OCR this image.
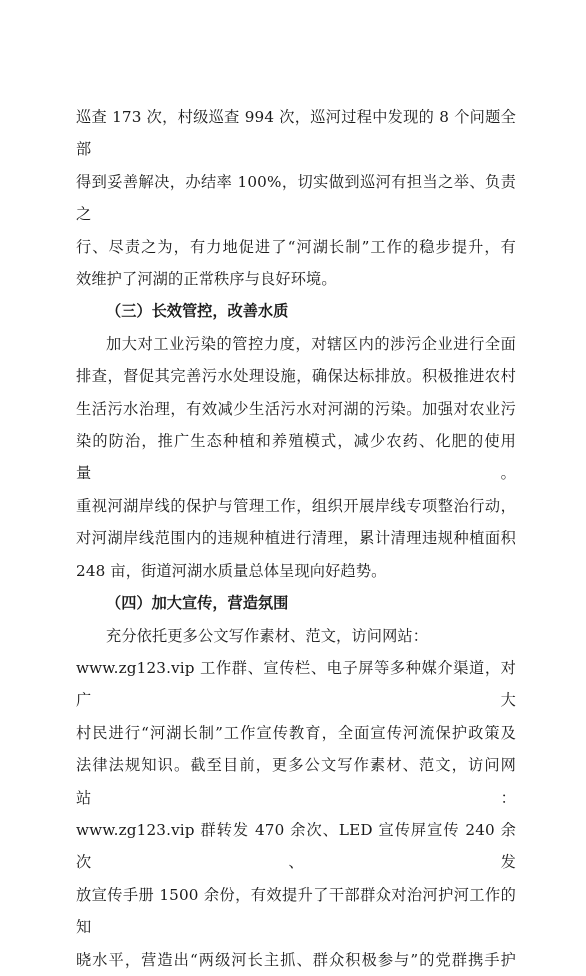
巡查 173 次，村级巡查 994 次，巡河过程中发现的 8 个问题全部

得到妥善解决，办结率 100%，切实做到巡河有担当之举、负责之

行、尽责之为，有力地促进了“河湖长制”工作的稳步提升，有

效维护了河湖的正常秩序与良好环境。

（三）长效管控，改善水质

加大对工业污染的管控力度，对辖区内的涉污企业进行全面

排查，督促其完善污水处理设施，确保达标排放。积极推进农村

生活污水治理，有效减少生活污水对河湖的污染。加强对农业污

染的防治，推广生态种植和养殖模式，减少农药、化肥的使用量。

重视河湖岸线的保护与管理工作，组织开展岸线专项整治行动，

对河湖岸线范围内的违规种植进行清理，累计清理违规种植面积

248 亩，街道河湖水质量总体呈现向好趋势。

（四）加大宣传，营造氛围

充分依托更多公文写作素材、范文，访问网站：

www.zg123.vip 工作群、宣传栏、电子屏等多种媒介渠道，对广大

村民进行“河湖长制”工作宣传教育，全面宣传河流保护政策及

法律法规知识。截至目前，更多公文写作素材、范文，访问网站：

www.zg123.vip 群转发 470 余次、LED 宣传屏宣传 240 余次、发

放宣传手册 1500 余份，有效提升了干部群众对治河护河工作的知

晓水平，营造出“两级河长主抓、群众积极参与”的党群携手护
